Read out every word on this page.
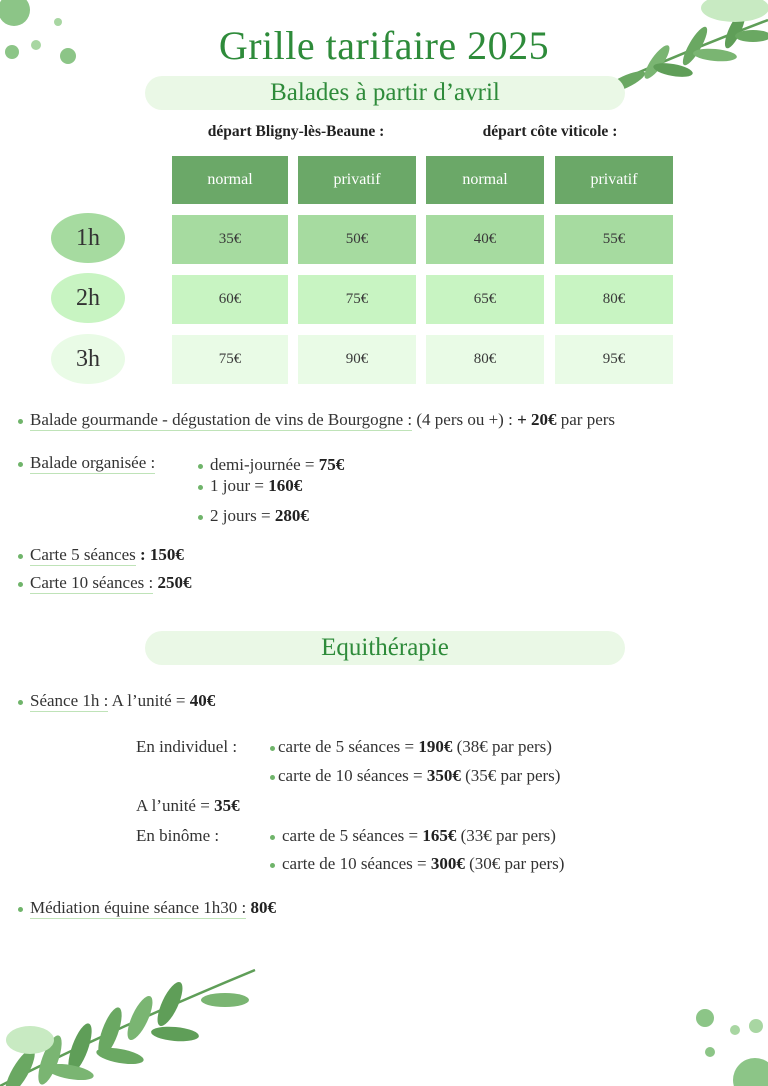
Grille tarifaire 2025
Balades à partir d’avril
départ Bligny-lès-Beaune :	départ côte viticole :
normal	privatif	normal	privatif
1h	35€	50€	40€	55€
2h	60€	75€	65€	80€
3h	75€	90€	80€	95€
Balade gourmande - dégustation de vins de Bourgogne : (4 pers ou +) : + 20€ par pers
Balade organisée :	demi-journée = 75€
1 jour = 160€
2 jours = 280€
Carte 5 séances : 150€
Carte 10 séances : 250€
Equithérapie
Séance 1h : A l’unité = 40€
En individuel :	carte de 5 séances = 190€ (38€ par pers)
carte de 10 séances = 350€ (35€ par pers)
A l’unité = 35€
En binôme :	carte de 5 séances = 165€ (33€ par pers)
carte de 10 séances = 300€ (30€ par pers)
Médiation équine séance 1h30 : 80€
